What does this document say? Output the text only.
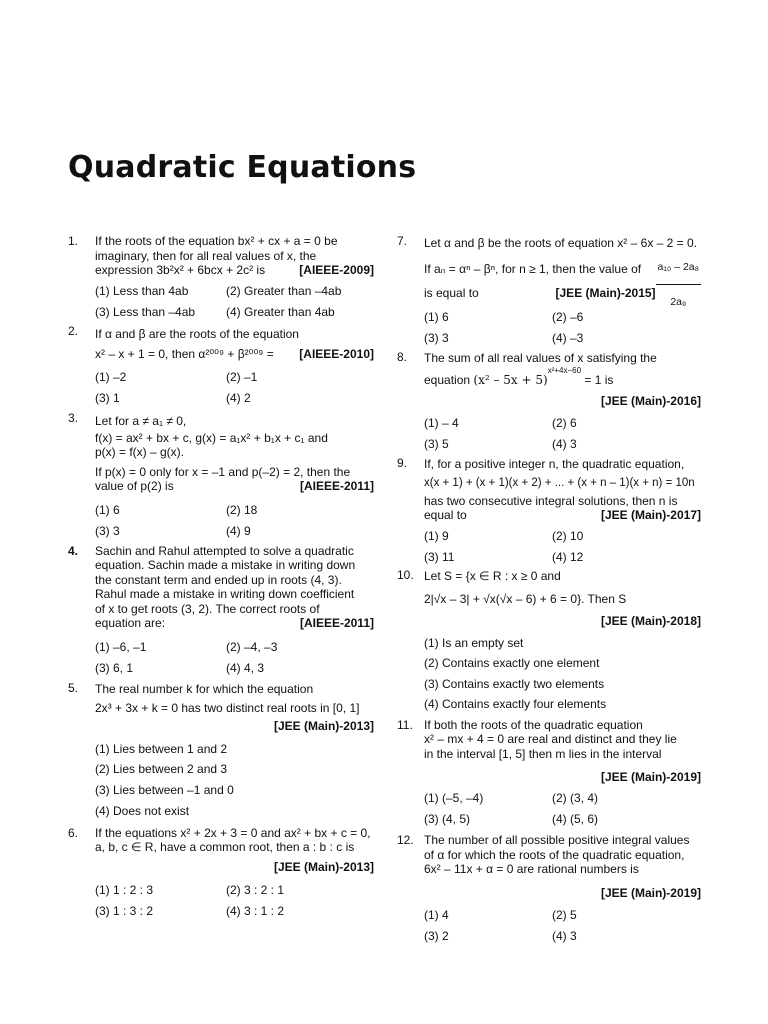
Quadratic Equations
1. If the roots of the equation bx² + cx + a = 0 be
imaginary, then for all real values of x, the
expression 3b²x² + 6bcx + 2c² is	[AIEEE-2009]
(1) Less than 4ab	(2) Greater than –4ab
(3) Less than –4ab	(4) Greater than 4ab
2. If α and β are the roots of the equation
x² – x + 1 = 0, then α²⁰⁰⁹ + β²⁰⁰⁹ = [AIEEE-2010]
(1) –2	(2) –1
(3) 1	(4) 2
3. Let for a ≠ a₁ ≠ 0,
f(x) = ax² + bx + c, g(x) = a₁x² + b₁x + c₁ and
p(x) = f(x) – g(x).
If p(x) = 0 only for x = –1 and p(–2) = 2, then the
value of p(2) is	[AIEEE-2011]
(1) 6	(2) 18
(3) 3	(4) 9
4. Sachin and Rahul attempted to solve a quadratic
equation. Sachin made a mistake in writing down
the constant term and ended up in roots (4, 3).
Rahul made a mistake in writing down coefficient
of x to get roots (3, 2). The correct roots of
equation are:	[AIEEE-2011]
(1) –6, –1	(2) –4, –3
(3) 6, 1	(4) 4, 3
5. The real number k for which the equation
2x³ + 3x + k = 0 has two distinct real roots in [0, 1]
[JEE (Main)-2013]
(1) Lies between 1 and 2
(2) Lies between 2 and 3
(3) Lies between –1 and 0
(4) Does not exist
6. If the equations x² + 2x + 3 = 0 and ax² + bx + c = 0,
a, b, c ∈ R, have a common root, then a : b : c is
[JEE (Main)-2013]
(1) 1 : 2 : 3	(2) 3 : 2 : 1
(3) 1 : 3 : 2	(4) 3 : 1 : 2
7. Let α and β be the roots of equation x² – 6x – 2 = 0.
If aₙ = αⁿ – βⁿ, for n ≥ 1, then the value of $\frac{\text{a₁₀ – 2a₈}}{\text{2a₉}}$
is equal to	[JEE (Main)-2015]
(1) 6	(2) –6
(3) 3	(4) –3
8. The sum of all real values of x satisfying the
equation $(x^2 - 5x + 5)^{x^2+4x-60} = 1$ is
[JEE (Main)-2016]
(1) – 4	(2) 6
(3) 5	(4) 3
9. If, for a positive integer n, the quadratic equation,
x(x + 1) + (x + 1)(x + 2) + ... + (x + n – 1)(x + n) = 10n
has two consecutive integral solutions, then n is
equal to	[JEE (Main)-2017]
(1) 9	(2) 10
(3) 11	(4) 12
10. Let S = {x ∈ R : x ≥ 0 and
2|√x – 3| + √x(√x – 6) + 6 = 0}. Then S
[JEE (Main)-2018]
(1) Is an empty set
(2) Contains exactly one element
(3) Contains exactly two elements
(4) Contains exactly four elements
11. If both the roots of the quadratic equation
x² – mx + 4 = 0 are real and distinct and they lie
in the interval [1, 5] then m lies in the interval
[JEE (Main)-2019]
(1) (–5, –4)	(2) (3, 4)
(3) (4, 5)	(4) (5, 6)
12. The number of all possible positive integral values
of α for which the roots of the quadratic equation,
6x² – 11x + α = 0 are rational numbers is
[JEE (Main)-2019]
(1) 4	(2) 5
(3) 2	(4) 3
